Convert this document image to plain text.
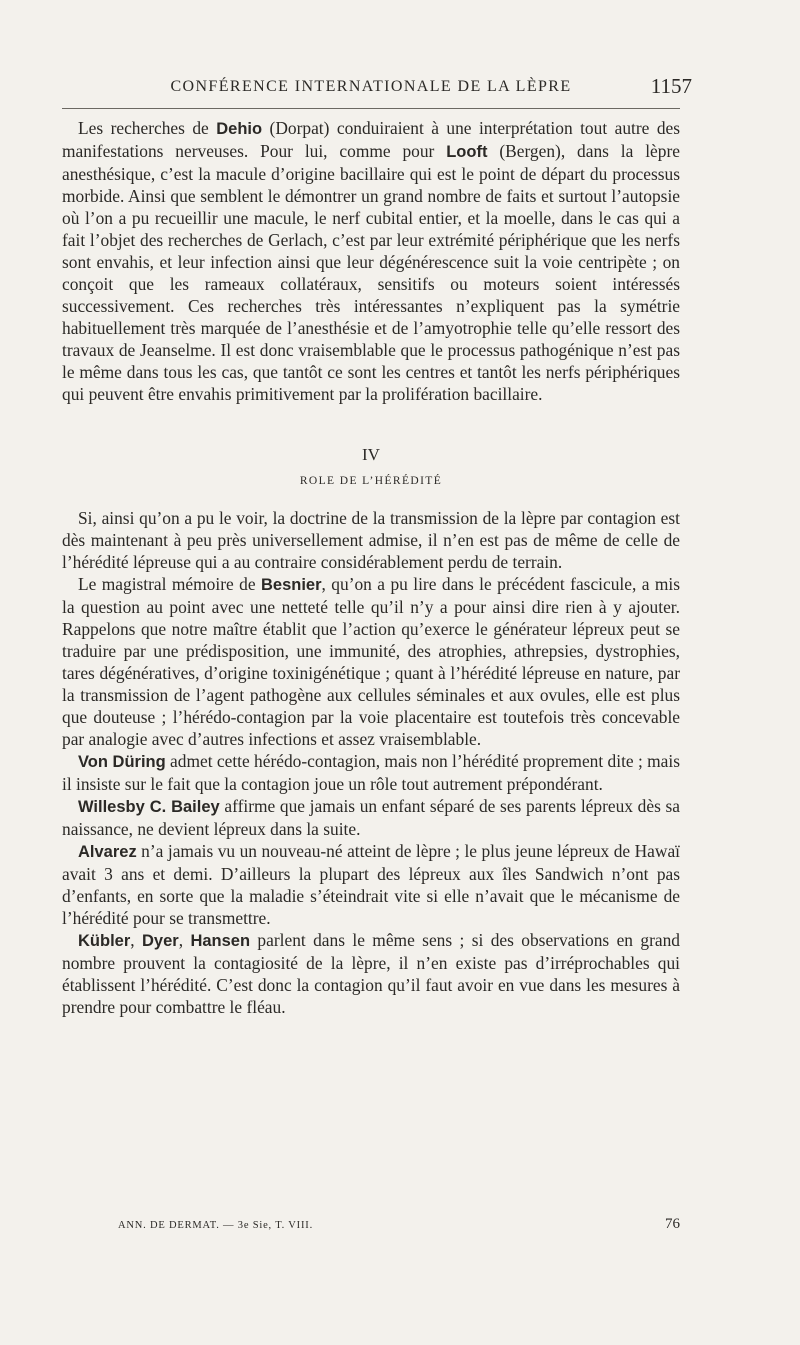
CONFÉRENCE INTERNATIONALE DE LA LÈPRE	1157

Les recherches de Dehio (Dorpat) conduiraient à une interprétation tout autre des manifestations nerveuses. Pour lui, comme pour Looft (Bergen), dans la lèpre anesthésique, c’est la macule d’origine bacillaire qui est le point de départ du processus morbide. Ainsi que semblent le démontrer un grand nombre de faits et surtout l’autopsie où l’on a pu recueillir une macule, le nerf cubital entier, et la moelle, dans le cas qui a fait l’objet des recherches de Gerlach, c’est par leur extrémité périphérique que les nerfs sont envahis, et leur infection ainsi que leur dégénérescence suit la voie centripète ; on conçoit que les rameaux collatéraux, sensitifs ou moteurs soient intéressés successivement. Ces recherches très intéressantes n’expliquent pas la symétrie habituellement très marquée de l’anesthésie et de l’amyotrophie telle qu’elle ressort des travaux de Jeanselme. Il est donc vraisemblable que le processus pathogénique n’est pas le même dans tous les cas, que tantôt ce sont les centres et tantôt les nerfs périphériques qui peuvent être envahis primitivement par la prolifération bacillaire.

IV
ROLE DE L’HÉRÉDITÉ

Si, ainsi qu’on a pu le voir, la doctrine de la transmission de la lèpre par contagion est dès maintenant à peu près universellement admise, il n’en est pas de même de celle de l’hérédité lépreuse qui a au contraire considérablement perdu de terrain.

Le magistral mémoire de Besnier, qu’on a pu lire dans le précédent fascicule, a mis la question au point avec une netteté telle qu’il n’y a pour ainsi dire rien à y ajouter. Rappelons que notre maître établit que l’action qu’exerce le générateur lépreux peut se traduire par une prédisposition, une immunité, des atrophies, athrepsies, dystrophies, tares dégénératives, d’origine toxinigénétique ; quant à l’hérédité lépreuse en nature, par la transmission de l’agent pathogène aux cellules séminales et aux ovules, elle est plus que douteuse ; l’hérédo-contagion par la voie placentaire est toutefois très concevable par analogie avec d’autres infections et assez vraisemblable.

Von Düring admet cette hérédo-contagion, mais non l’hérédité proprement dite ; mais il insiste sur le fait que la contagion joue un rôle tout autrement prépondérant.

Willesby C. Bailey affirme que jamais un enfant séparé de ses parents lépreux dès sa naissance, ne devient lépreux dans la suite.

Alvarez n’a jamais vu un nouveau-né atteint de lèpre ; le plus jeune lépreux de Hawaï avait 3 ans et demi. D’ailleurs la plupart des lépreux aux îles Sandwich n’ont pas d’enfants, en sorte que la maladie s’éteindrait vite si elle n’avait que le mécanisme de l’hérédité pour se transmettre.

Kübler, Dyer, Hansen parlent dans le même sens ; si des observations en grand nombre prouvent la contagiosité de la lèpre, il n’en existe pas d’irréprochables qui établissent l’hérédité. C’est donc la contagion qu’il faut avoir en vue dans les mesures à prendre pour combattre le fléau.

ANN. DE DERMAT. — 3e Sie, T. VIII.	76
